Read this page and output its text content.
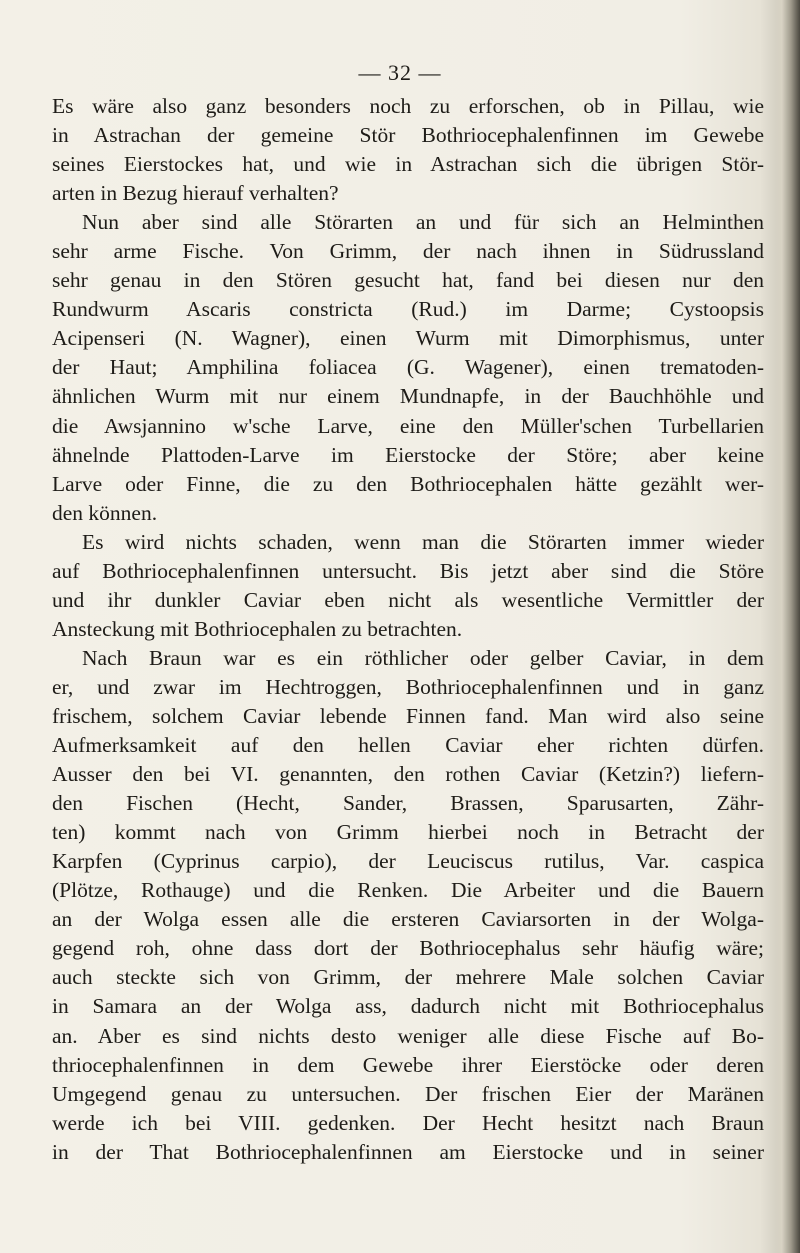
— 32 —
Es wäre also ganz besonders noch zu erforschen, ob in Pillau, wie
in Astrachan der gemeine Stör Bothriocephalenfinnen im Gewebe
seines Eierstockes hat, und wie in Astrachan sich die übrigen Stör-
arten in Bezug hierauf verhalten?
Nun aber sind alle Störarten an und für sich an Helminthen
sehr arme Fische. Von Grimm, der nach ihnen in Südrussland
sehr genau in den Stören gesucht hat, fand bei diesen nur den
Rundwurm Ascaris constricta (Rud.) im Darme; Cystoopsis
Acipenseri (N. Wagner), einen Wurm mit Dimorphismus, unter
der Haut; Amphilina foliacea (G. Wagener), einen trematoden-
ähnlichen Wurm mit nur einem Mundnapfe, in der Bauchhöhle und
die Awsjannino w'sche Larve, eine den Müller'schen Turbellarien
ähnelnde Plattoden-Larve im Eierstocke der Störe; aber keine
Larve oder Finne, die zu den Bothriocephalen hätte gezählt wer-
den können.
Es wird nichts schaden, wenn man die Störarten immer wieder
auf Bothriocephalenfinnen untersucht. Bis jetzt aber sind die Störe
und ihr dunkler Caviar eben nicht als wesentliche Vermittler der
Ansteckung mit Bothriocephalen zu betrachten.
Nach Braun war es ein röthlicher oder gelber Caviar, in dem
er, und zwar im Hechtroggen, Bothriocephalenfinnen und in ganz
frischem, solchem Caviar lebende Finnen fand. Man wird also seine
Aufmerksamkeit auf den hellen Caviar eher richten dürfen.
Ausser den bei VI. genannten, den rothen Caviar (Ketzin?) liefern-
den Fischen (Hecht, Sander, Brassen, Sparusarten, Zähr-
ten) kommt nach von Grimm hierbei noch in Betracht der
Karpfen (Cyprinus carpio), der Leuciscus rutilus, Var. caspica
(Plötze, Rothauge) und die Renken. Die Arbeiter und die Bauern
an der Wolga essen alle die ersteren Caviarsorten in der Wolga-
gegend roh, ohne dass dort der Bothriocephalus sehr häufig wäre;
auch steckte sich von Grimm, der mehrere Male solchen Caviar
in Samara an der Wolga ass, dadurch nicht mit Bothriocephalus
an. Aber es sind nichts desto weniger alle diese Fische auf Bo-
thriocephalenfinnen in dem Gewebe ihrer Eierstöcke oder deren
Umgegend genau zu untersuchen. Der frischen Eier der Maränen
werde ich bei VIII. gedenken. Der Hecht hesitzt nach Braun
in der That Bothriocephalenfinnen am Eierstocke und in seiner
